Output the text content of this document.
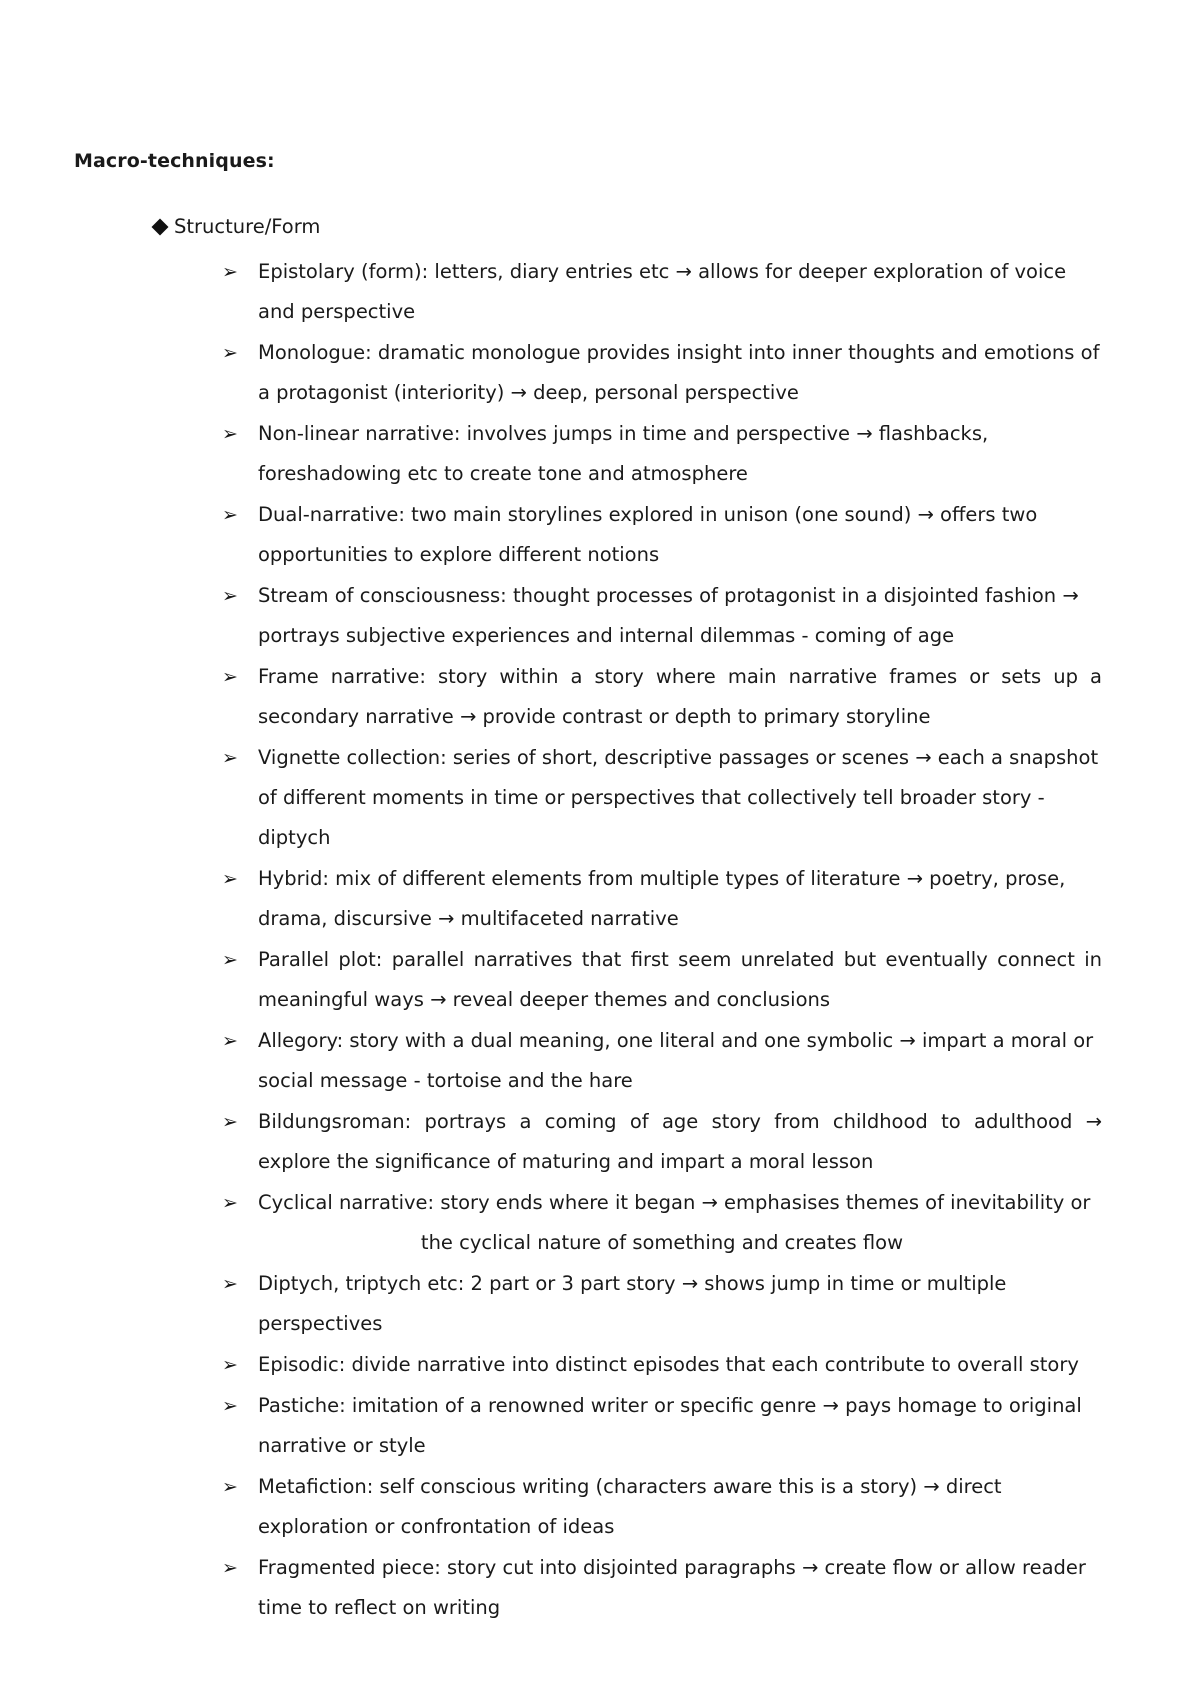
Macro-techniques:
Structure/Form
➢	Epistolary (form): letters, diary entries etc → allows for deeper exploration of voice and perspective
➢	Monologue: dramatic monologue provides insight into inner thoughts and emotions of a protagonist (interiority) → deep, personal perspective
➢	Non-linear narrative: involves jumps in time and perspective → flashbacks, foreshadowing etc to create tone and atmosphere
➢	Dual-narrative: two main storylines explored in unison (one sound) → offers two opportunities to explore different notions
➢	Stream of consciousness: thought processes of protagonist in a disjointed fashion → portrays subjective experiences and internal dilemmas - coming of age
➢	Frame narrative: story within a story where main narrative frames or sets up a secondary narrative → provide contrast or depth to primary storyline
➢	Vignette collection: series of short, descriptive passages or scenes → each a snapshot of different moments in time or perspectives that collectively tell broader story - diptych
➢	Hybrid: mix of different elements from multiple types of literature → poetry, prose, drama, discursive → multifaceted narrative
➢	Parallel plot: parallel narratives that first seem unrelated but eventually connect in meaningful ways → reveal deeper themes and conclusions
➢	Allegory: story with a dual meaning, one literal and one symbolic → impart a moral or social message - tortoise and the hare
➢	Bildungsroman: portrays a coming of age story from childhood to adulthood → explore the significance of maturing and impart a moral lesson
➢	Cyclical narrative: story ends where it began → emphasises themes of inevitability or
the cyclical nature of something and creates flow
➢	Diptych, triptych etc: 2 part or 3 part story → shows jump in time or multiple perspectives
➢	Episodic: divide narrative into distinct episodes that each contribute to overall story
➢	Pastiche: imitation of a renowned writer or specific genre → pays homage to original narrative or style
➢	Metafiction: self conscious writing (characters aware this is a story) → direct exploration or confrontation of ideas
➢	Fragmented piece: story cut into disjointed paragraphs → create flow or allow reader time to reflect on writing
